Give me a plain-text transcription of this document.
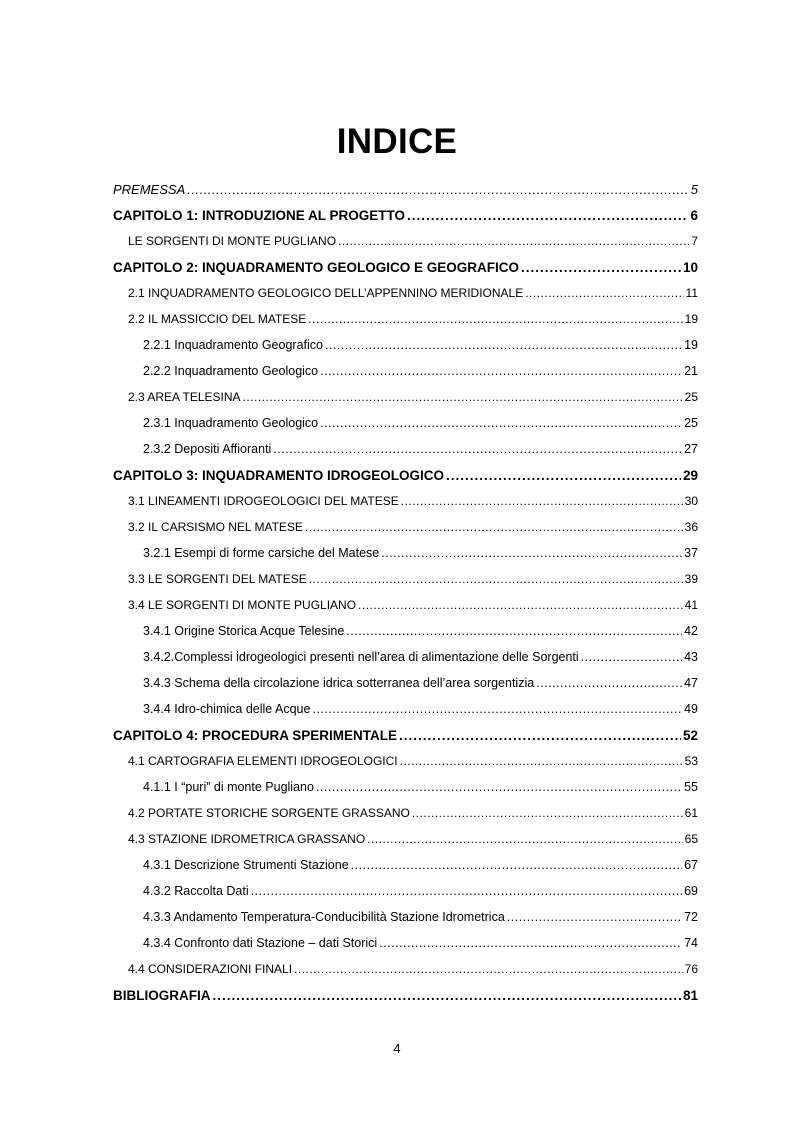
INDICE
PREMESSA .....	5
CAPITOLO 1: INTRODUZIONE AL PROGETTO .....	6
LE SORGENTI DI MONTE PUGLIANO .....	7
CAPITOLO 2: INQUADRAMENTO GEOLOGICO E GEOGRAFICO .....	10
2.1 INQUADRAMENTO GEOLOGICO DELL’APPENNINO MERIDIONALE .....	11
2.2 IL MASSICCIO DEL MATESE .....	19
2.2.1 Inquadramento Geografico .....	19
2.2.2 Inquadramento Geologico .....	21
2.3 AREA TELESINA .....	25
2.3.1 Inquadramento Geologico .....	25
2.3.2 Depositi Affioranti .....	27
CAPITOLO 3: INQUADRAMENTO IDROGEOLOGICO .....	29
3.1 LINEAMENTI IDROGEOLOGICI DEL MATESE .....	30
3.2 IL CARSISMO NEL MATESE .....	36
3.2.1 Esempi di forme carsiche del Matese .....	37
3.3 LE SORGENTI DEL MATESE .....	39
3.4 LE SORGENTI DI MONTE PUGLIANO .....	41
3.4.1 Origine Storica Acque Telesine .....	42
3.4.2.Complessi idrogeologici presenti nell’area di alimentazione delle Sorgenti .....	43
3.4.3 Schema della circolazione idrica sotterranea dell’area sorgentizia .....	47
3.4.4 Idro-chimica delle Acque .....	49
CAPITOLO 4: PROCEDURA SPERIMENTALE .....	52
4.1 CARTOGRAFIA ELEMENTI IDROGEOLOGICI .....	53
4.1.1 I “puri” di monte Pugliano .....	55
4.2 PORTATE STORICHE SORGENTE GRASSANO .....	61
4.3 STAZIONE IDROMETRICA GRASSANO .....	65
4.3.1 Descrizione Strumenti Stazione .....	67
4.3.2 Raccolta Dati .....	69
4.3.3 Andamento Temperatura-Conducibilità Stazione Idrometrica .....	72
4.3.4 Confronto dati Stazione – dati Storici .....	74
4.4 CONSIDERAZIONI FINALI .....	76
BIBLIOGRAFIA .....	81
4
